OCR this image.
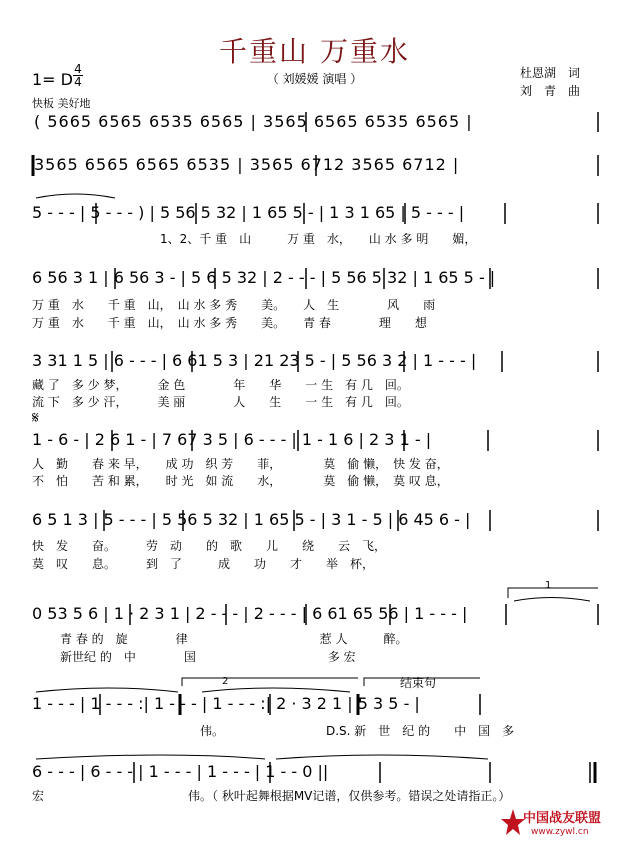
千重山 万重水
（ 刘媛媛 演唱 ）	杜恩湖　词
刘　青　曲
1= D
4
4
快板 美好地
( 5665 6565 6535 6565 | 3565 6565 6535 6565 |
3565 6565 6565 6535 | 3565 6712 3565 6712 |
5 - - - | 5 - - - ) | 5 56 5 32 | 1 65 5 - | 1 3 1 65 | 5 - - - |
6 56 3 1 | 6 56 3 - | 5 6 5 32 | 2 - - - | 5 56 5 32 | 1 65 5 - |
3 31 1 5 | 6 - - - | 6 61 5 3 | 21 23 5 - | 5 56 3 2 | 1 - - - |
1 - 6 - | 2 6 1 - | 7 67 3 5 | 6 - - - | 1 - 1 6 | 2 3 1 - |
6 5 1 3 | 5 - - - | 5 56 5 32 | 1 65 5 - | 3 1 - 5 | 6 45 6 - |
0 53 5 6 | 1 · 2 3 1 | 2 - - - | 2 - - - | 6 61 65 56 | 1 - - - |
1 - - - | 1 - - - :| 1 - - - | 1 - - - :| 2 · 3 2 1 | 5 3 5 - |
6 - - - | 6 - - - | 1 - - - | 1 - - - | 1 - - 0 ||
1、2、千 重　山　　　万 重　水，　　山 水 多 明　　媚，
万 重　水　　千 重　山，　山 水 多 秀　　美。　　人　生　　　　风　　雨
万 重　水　　千 重　山，　山 水 多 秀　　美。　　青 春　　　　理　　想
藏 了　多 少 梦，　　　金 色　　　　年　　华　　一 生　有 几　回。
流 下　多 少 汗，　　　美 丽　　　　人　　生　　一 生　有 几　回。
人　勤　　春 来 早，　　成 功　织 芳　　菲，　　　　莫　偷 懒，　快 发 奋，
不　怕　　苦 和 累，　　时 光　如 流　　水，　　　　莫　偷 懒，　莫 叹 息，
快　发　　奋。　　　劳　动　　的　歌　　儿　　绕　　云　飞，
莫　叹　　息。　　　到　了　　　成　　功　　才　　举　杯，
青 春 的　旋　　　　律　　　　　　　　　　　惹 人　　　醉。
新世纪 的　中　　　　国　　　　　　　　　　　多 宏
伟。　　　　　　　　　D.S. 新　世　纪 的　　中　国　多
宏　　　　　　　　　　　　伟。（ 秋叶起舞根据MV记谱，仅供参考。错误之处请指正。）
𝄋
1
2	结束句
中国战友联盟
www.zywl.cn
